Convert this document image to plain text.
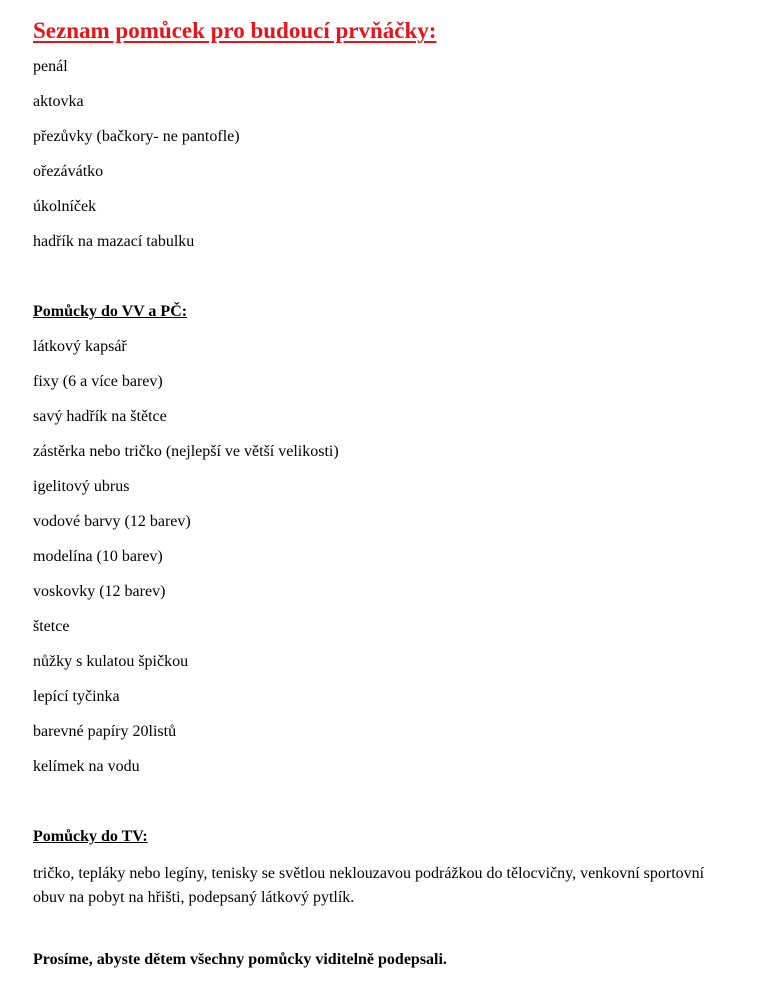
Seznam pomůcek pro budoucí prvňáčky:
penál
aktovka
přezůvky (bačkory- ne pantofle)
ořezávátko
úkolníček
hadřík na mazací tabulku
Pomůcky do VV a PČ:
látkový kapsář
fixy (6 a více barev)
savý hadřík na štětce
zástěrka nebo tričko (nejlepší ve větší velikosti)
igelitový ubrus
vodové barvy (12 barev)
modelína (10 barev)
voskovky (12 barev)
štetce
nůžky s kulatou špičkou
lepící tyčinka
barevné papíry 20listů
kelímek na vodu
Pomůcky do TV:

tričko, tepláky nebo legíny, tenisky se světlou neklouzavou podrážkou do tělocvičny, venkovní sportovní obuv na pobyt na hřišti, podepsaný látkový pytlík.

Prosíme, abyste dětem všechny pomůcky viditelně podepsali.
